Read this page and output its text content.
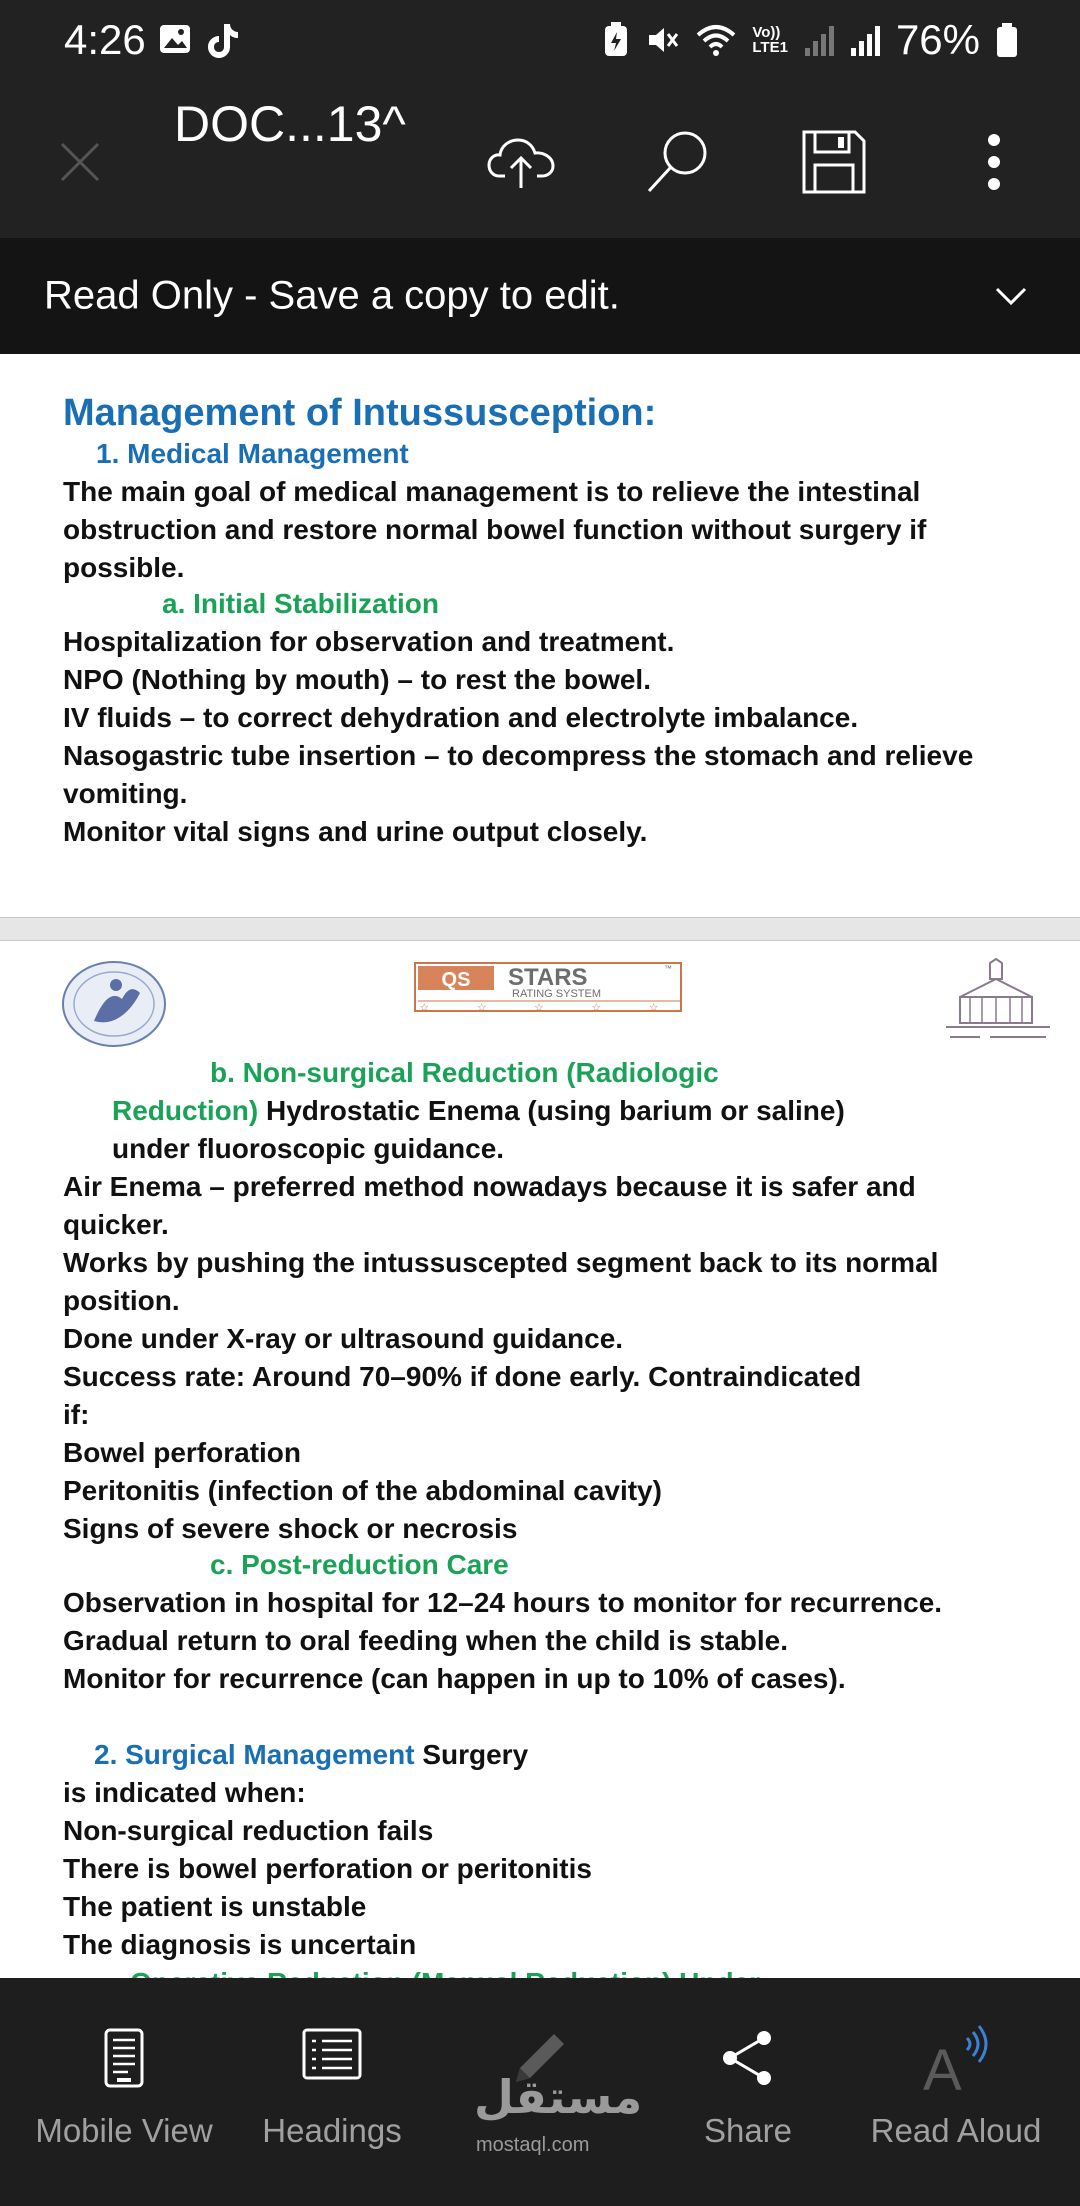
4:26	Vo))
LTE1	76%
DOC...13^
Read Only - Save a copy to edit.
Management of Intussusception:
1. Medical Management
The main goal of medical management is to relieve the intestinal
obstruction and restore normal bowel function without surgery if
possible.
a. Initial Stabilization
Hospitalization for observation and treatment.
NPO (Nothing by mouth) – to rest the bowel.
IV fluids – to correct dehydration and electrolyte imbalance.
Nasogastric tube insertion – to decompress the stomach and relieve
vomiting.
Monitor vital signs and urine output closely.
QS STARS	™
RATING SYSTEM
☆ ☆ ☆ ☆ ☆
b. Non-surgical Reduction (Radiologic
Reduction) Hydrostatic Enema (using barium or saline)
under fluoroscopic guidance.
Air Enema – preferred method nowadays because it is safer and
quicker.
Works by pushing the intussuscepted segment back to its normal
position.
Done under X-ray or ultrasound guidance.
Success rate: Around 70–90% if done early. Contraindicated
if:
Bowel perforation
Peritonitis (infection of the abdominal cavity)
Signs of severe shock or necrosis
c. Post-reduction Care
Observation in hospital for 12–24 hours to monitor for recurrence.
Gradual return to oral feeding when the child is stable.
Monitor for recurrence (can happen in up to 10% of cases).
2. Surgical Management Surgery
is indicated when:
Non-surgical reduction fails
There is bowel perforation or peritonitis
The patient is unstable
The diagnosis is uncertain
Mobile View	Headings	Share
A
Read Aloud
مستقل
mostaql.com
